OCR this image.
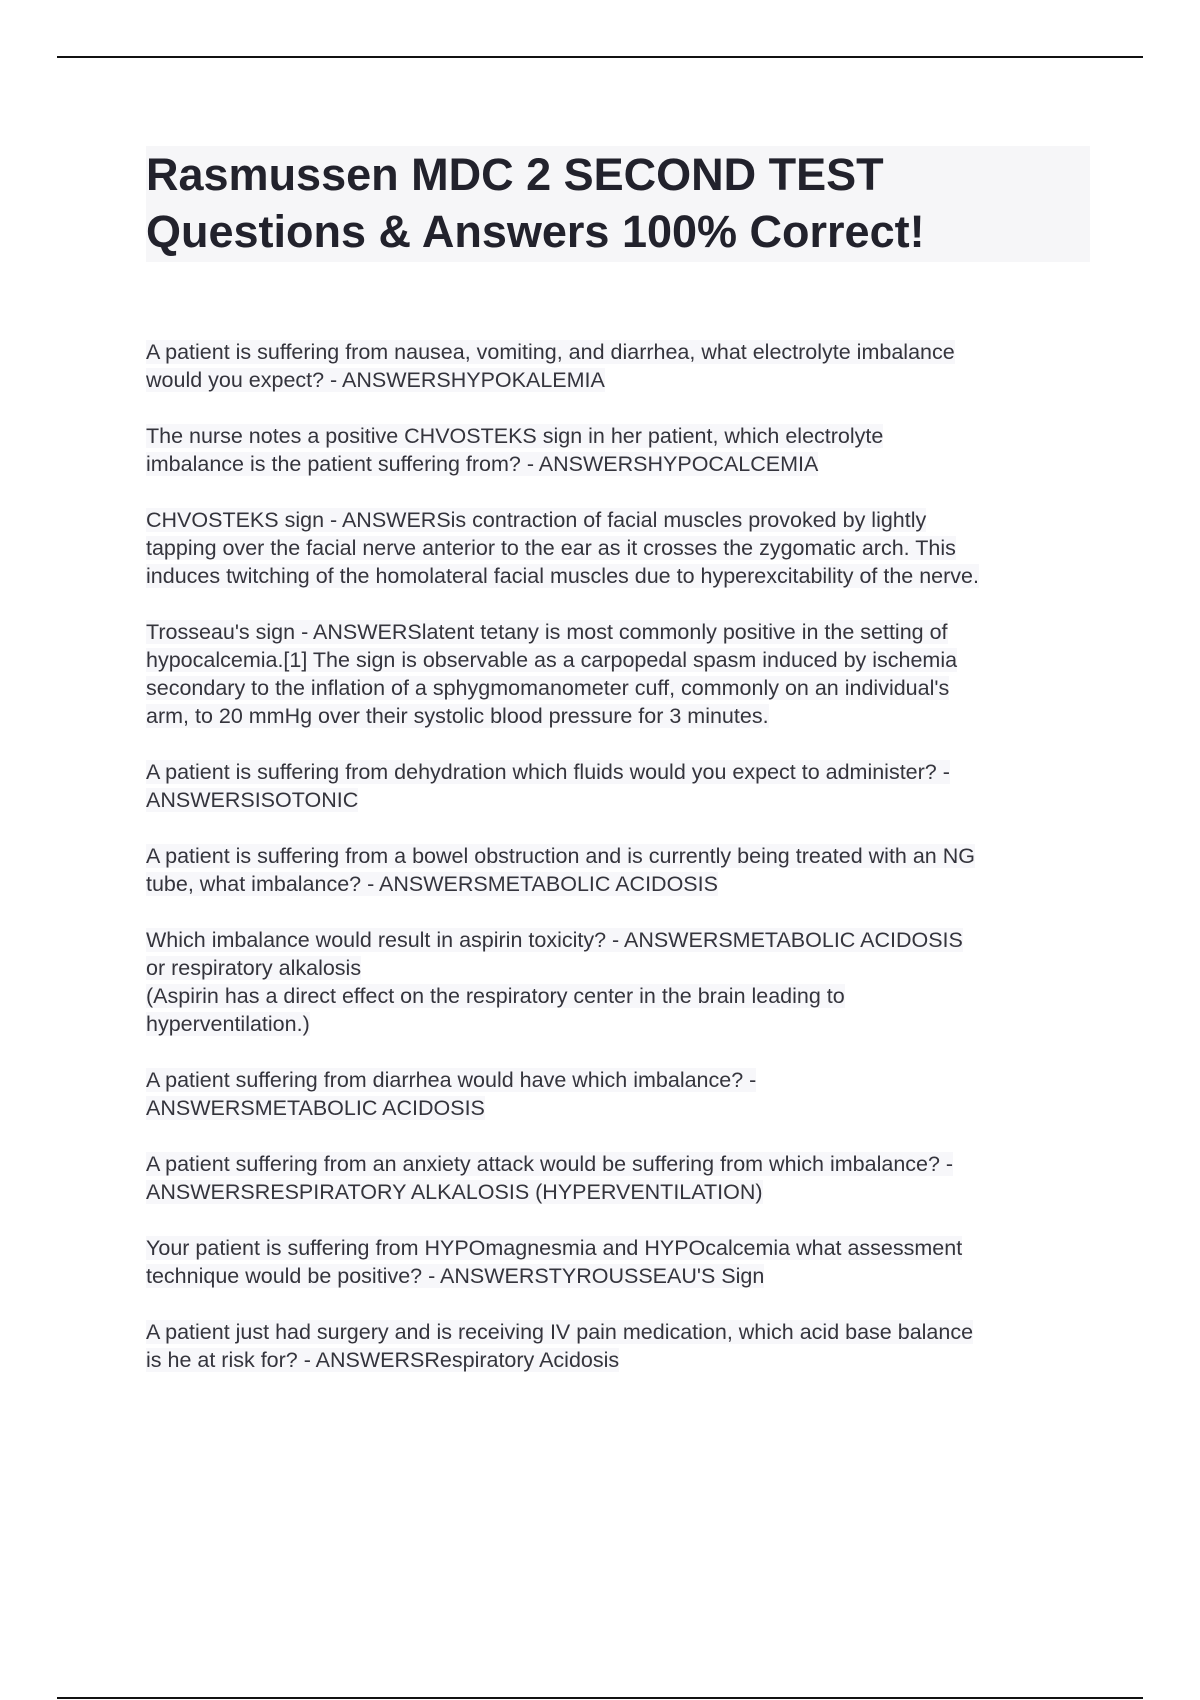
Rasmussen MDC 2 SECOND TEST
Questions & Answers 100% Correct!
A patient is suffering from nausea, vomiting, and diarrhea, what electrolyte imbalance
would you expect? - ANSWERSHYPOKALEMIA
The nurse notes a positive CHVOSTEKS sign in her patient, which electrolyte
imbalance is the patient suffering from? - ANSWERSHYPOCALCEMIA
CHVOSTEKS sign - ANSWERSis contraction of facial muscles provoked by lightly
tapping over the facial nerve anterior to the ear as it crosses the zygomatic arch. This
induces twitching of the homolateral facial muscles due to hyperexcitability of the nerve.
Trosseau's sign - ANSWERSlatent tetany is most commonly positive in the setting of
hypocalcemia.[1] The sign is observable as a carpopedal spasm induced by ischemia
secondary to the inflation of a sphygmomanometer cuff, commonly on an individual's
arm, to 20 mmHg over their systolic blood pressure for 3 minutes.
A patient is suffering from dehydration which fluids would you expect to administer? -
ANSWERSISOTONIC
A patient is suffering from a bowel obstruction and is currently being treated with an NG
tube, what imbalance? - ANSWERSMETABOLIC ACIDOSIS
Which imbalance would result in aspirin toxicity? - ANSWERSMETABOLIC ACIDOSIS
or respiratory alkalosis
(Aspirin has a direct effect on the respiratory center in the brain leading to
hyperventilation.)
A patient suffering from diarrhea would have which imbalance? -
ANSWERSMETABOLIC ACIDOSIS
A patient suffering from an anxiety attack would be suffering from which imbalance? -
ANSWERSRESPIRATORY ALKALOSIS (HYPERVENTILATION)
Your patient is suffering from HYPOmagnesmia and HYPOcalcemia what assessment
technique would be positive? - ANSWERSTYROUSSEAU'S Sign
A patient just had surgery and is receiving IV pain medication, which acid base balance
is he at risk for? - ANSWERSRespiratory Acidosis
